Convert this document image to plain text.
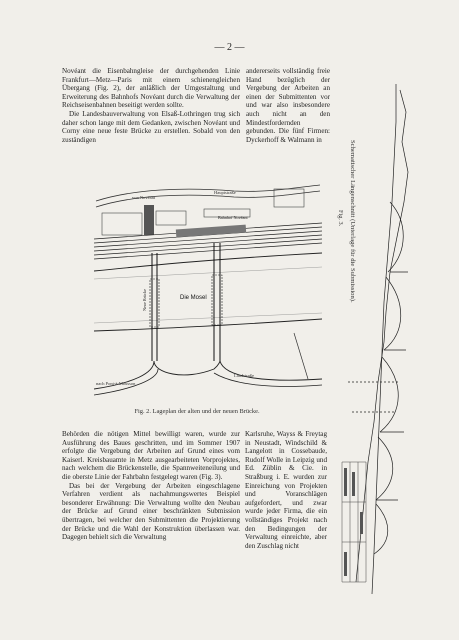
— 2 —

Novéant die Eisenbahngleise der durchgehenden Linie Frankfurt—Metz—Paris mit einem schienengleichen Übergang (Fig. 2), der anläßlich der Umgestaltung und Erweiterung des Bahnhofs Novéant durch die Verwaltung der Reichseisenbahnen beseitigt werden sollte.

Die Landesbauverwaltung von Elsaß-Lothringen trug sich daher schon lange mit dem Gedanken, zwischen Novéant und Corny eine neue feste Brücke zu erstellen. Sobald von den zuständigen

andererseits vollständig freie Hand bezüglich der Vergebung der Arbeiten an einen der Submittenten vor und war also insbesondere auch nicht an den Mindestfordernden gebunden. Die fünf Firmen: Dyckerhoff & Walmann in

von Novéant
Hauptstraße
Bahnhof Novéant
Die Mosel
Neue Brücke
nach Pont-à-Mousson
Landstraße
Fig. 2. Lageplan der alten und der neuen Brücke.
Fig. 3. Schematischer Längenschnitt (Unterlage für die Submission).

Behörden die nötigen Mittel bewilligt waren, wurde zur Ausführung des Baues geschritten, und im Sommer 1907 erfolgte die Vergebung der Arbeiten auf Grund eines vom Kaiserl. Kreisbauamte in Metz ausgearbeiteten Vorprojektes, nach welchem die Brückenstelle, die Spannweiteneilung und die oberste Linie der Fahrbahn festgelegt waren (Fig. 3).

Das bei der Vergebung der Arbeiten eingeschlagene Verfahren verdient als nachahmungswertes Beispiel besonderer Erwähnung: Die Verwaltung wollte den Neubau der Brücke auf Grund einer beschränkten Submission übertragen, bei welcher den Submittenten die Projektierung der Brücke und die Wahl der Konstruktion überlassen war. Dagegen behielt sich die Verwaltung

Karlsruhe, Wayss & Freytag in Neustadt, Windschild & Langelott in Cossebaude, Rudolf Wolle in Leipzig und Ed. Züblin & Cie. in Straßburg i. E. wurden zur Einreichung von Projekten und Voranschlägen aufgefordert, und zwar wurde jeder Firma, die ein vollständiges Projekt nach den Bedingungen der Verwaltung einreichte, aber den Zuschlag nicht
